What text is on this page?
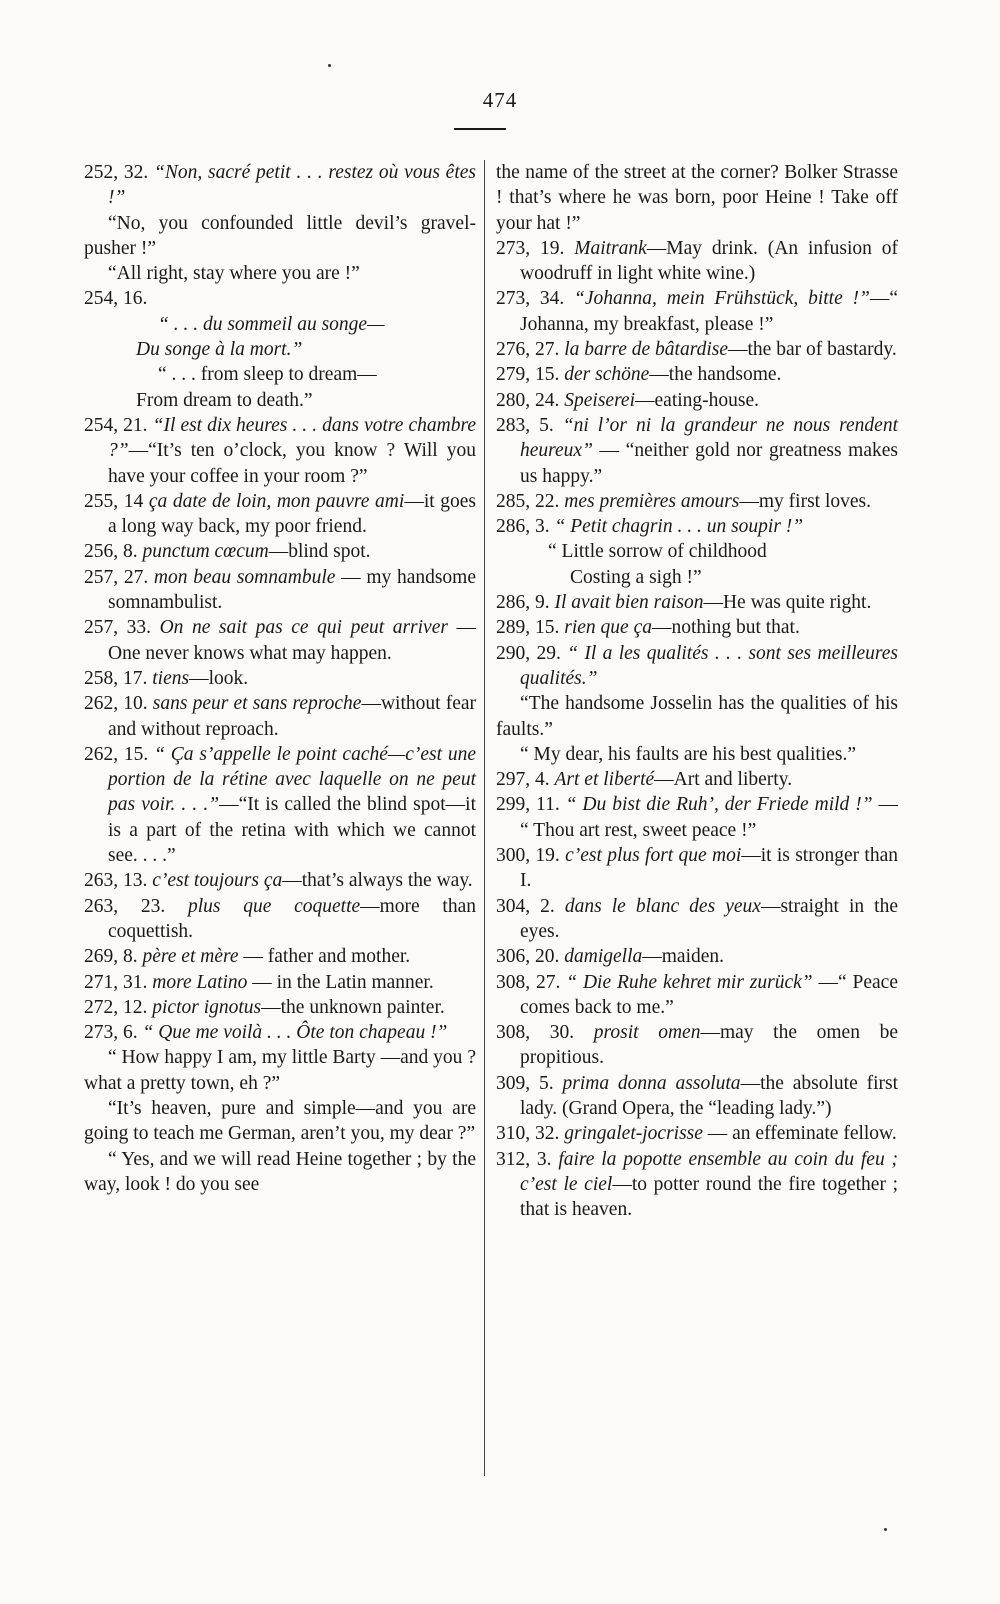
474
252, 32. “Non, sacré petit . . . restez où vous êtes !”
“No, you confounded little devil’s gravel-pusher !”
“All right, stay where you are !”
254, 16.
“ . . . du sommeil au songe—
Du songe à la mort.”
“ . . . from sleep to dream—
From dream to death.”
254, 21. “Il est dix heures . . . dans votre chambre ?”—“It’s ten o’clock, you know ? Will you have your coffee in your room ?”
255, 14 ça date de loin, mon pauvre ami—it goes a long way back, my poor friend.
256, 8. punctum cœcum—blind spot.
257, 27. mon beau somnambule — my handsome somnambulist.
257, 33. On ne sait pas ce qui peut arriver — One never knows what may happen.
258, 17. tiens—look.
262, 10. sans peur et sans reproche—without fear and without reproach.
262, 15. “ Ça s’appelle le point caché—c’est une portion de la rétine avec laquelle on ne peut pas voir. . . .”—“It is called the blind spot—it is a part of the retina with which we cannot see. . . .”
263, 13. c’est toujours ça—that’s always the way.
263, 23. plus que coquette—more than coquettish.
269, 8. père et mère — father and mother.
271, 31. more Latino — in the Latin manner.
272, 12. pictor ignotus—the unknown painter.
273, 6. “ Que me voilà . . . Ôte ton chapeau !”
“ How happy I am, my little Barty —and you ? what a pretty town, eh ?”
“It’s heaven, pure and simple—and you are going to teach me German, aren’t you, my dear ?”
“ Yes, and we will read Heine together ; by the way, look ! do you see
the name of the street at the corner? Bolker Strasse ! that’s where he was born, poor Heine ! Take off your hat !”
273, 19. Maitrank—May drink. (An infusion of woodruff in light white wine.)
273, 34. “Johanna, mein Frühstück, bitte !”—“ Johanna, my breakfast, please !”
276, 27. la barre de bâtardise—the bar of bastardy.
279, 15. der schöne—the handsome.
280, 24. Speiserei—eating-house.
283, 5. “ni l’or ni la grandeur ne nous rendent heureux” — “neither gold nor greatness makes us happy.”
285, 22. mes premières amours—my first loves.
286, 3. “ Petit chagrin . . . un soupir !”
“ Little sorrow of childhood
Costing a sigh !”
286, 9. Il avait bien raison—He was quite right.
289, 15. rien que ça—nothing but that.
290, 29. “ Il a les qualités . . . sont ses meilleures qualités.”
“The handsome Josselin has the qualities of his faults.”
“ My dear, his faults are his best qualities.”
297, 4. Art et liberté—Art and liberty.
299, 11. “ Du bist die Ruh’, der Friede mild !” — “ Thou art rest, sweet peace !”
300, 19. c’est plus fort que moi—it is stronger than I.
304, 2. dans le blanc des yeux—straight in the eyes.
306, 20. damigella—maiden.
308, 27. “ Die Ruhe kehret mir zurück” —“ Peace comes back to me.”
308, 30. prosit omen—may the omen be propitious.
309, 5. prima donna assoluta—the absolute first lady. (Grand Opera, the “leading lady.”)
310, 32. gringalet-jocrisse — an effeminate fellow.
312, 3. faire la popotte ensemble au coin du feu ; c’est le ciel—to potter round the fire together ; that is heaven.
